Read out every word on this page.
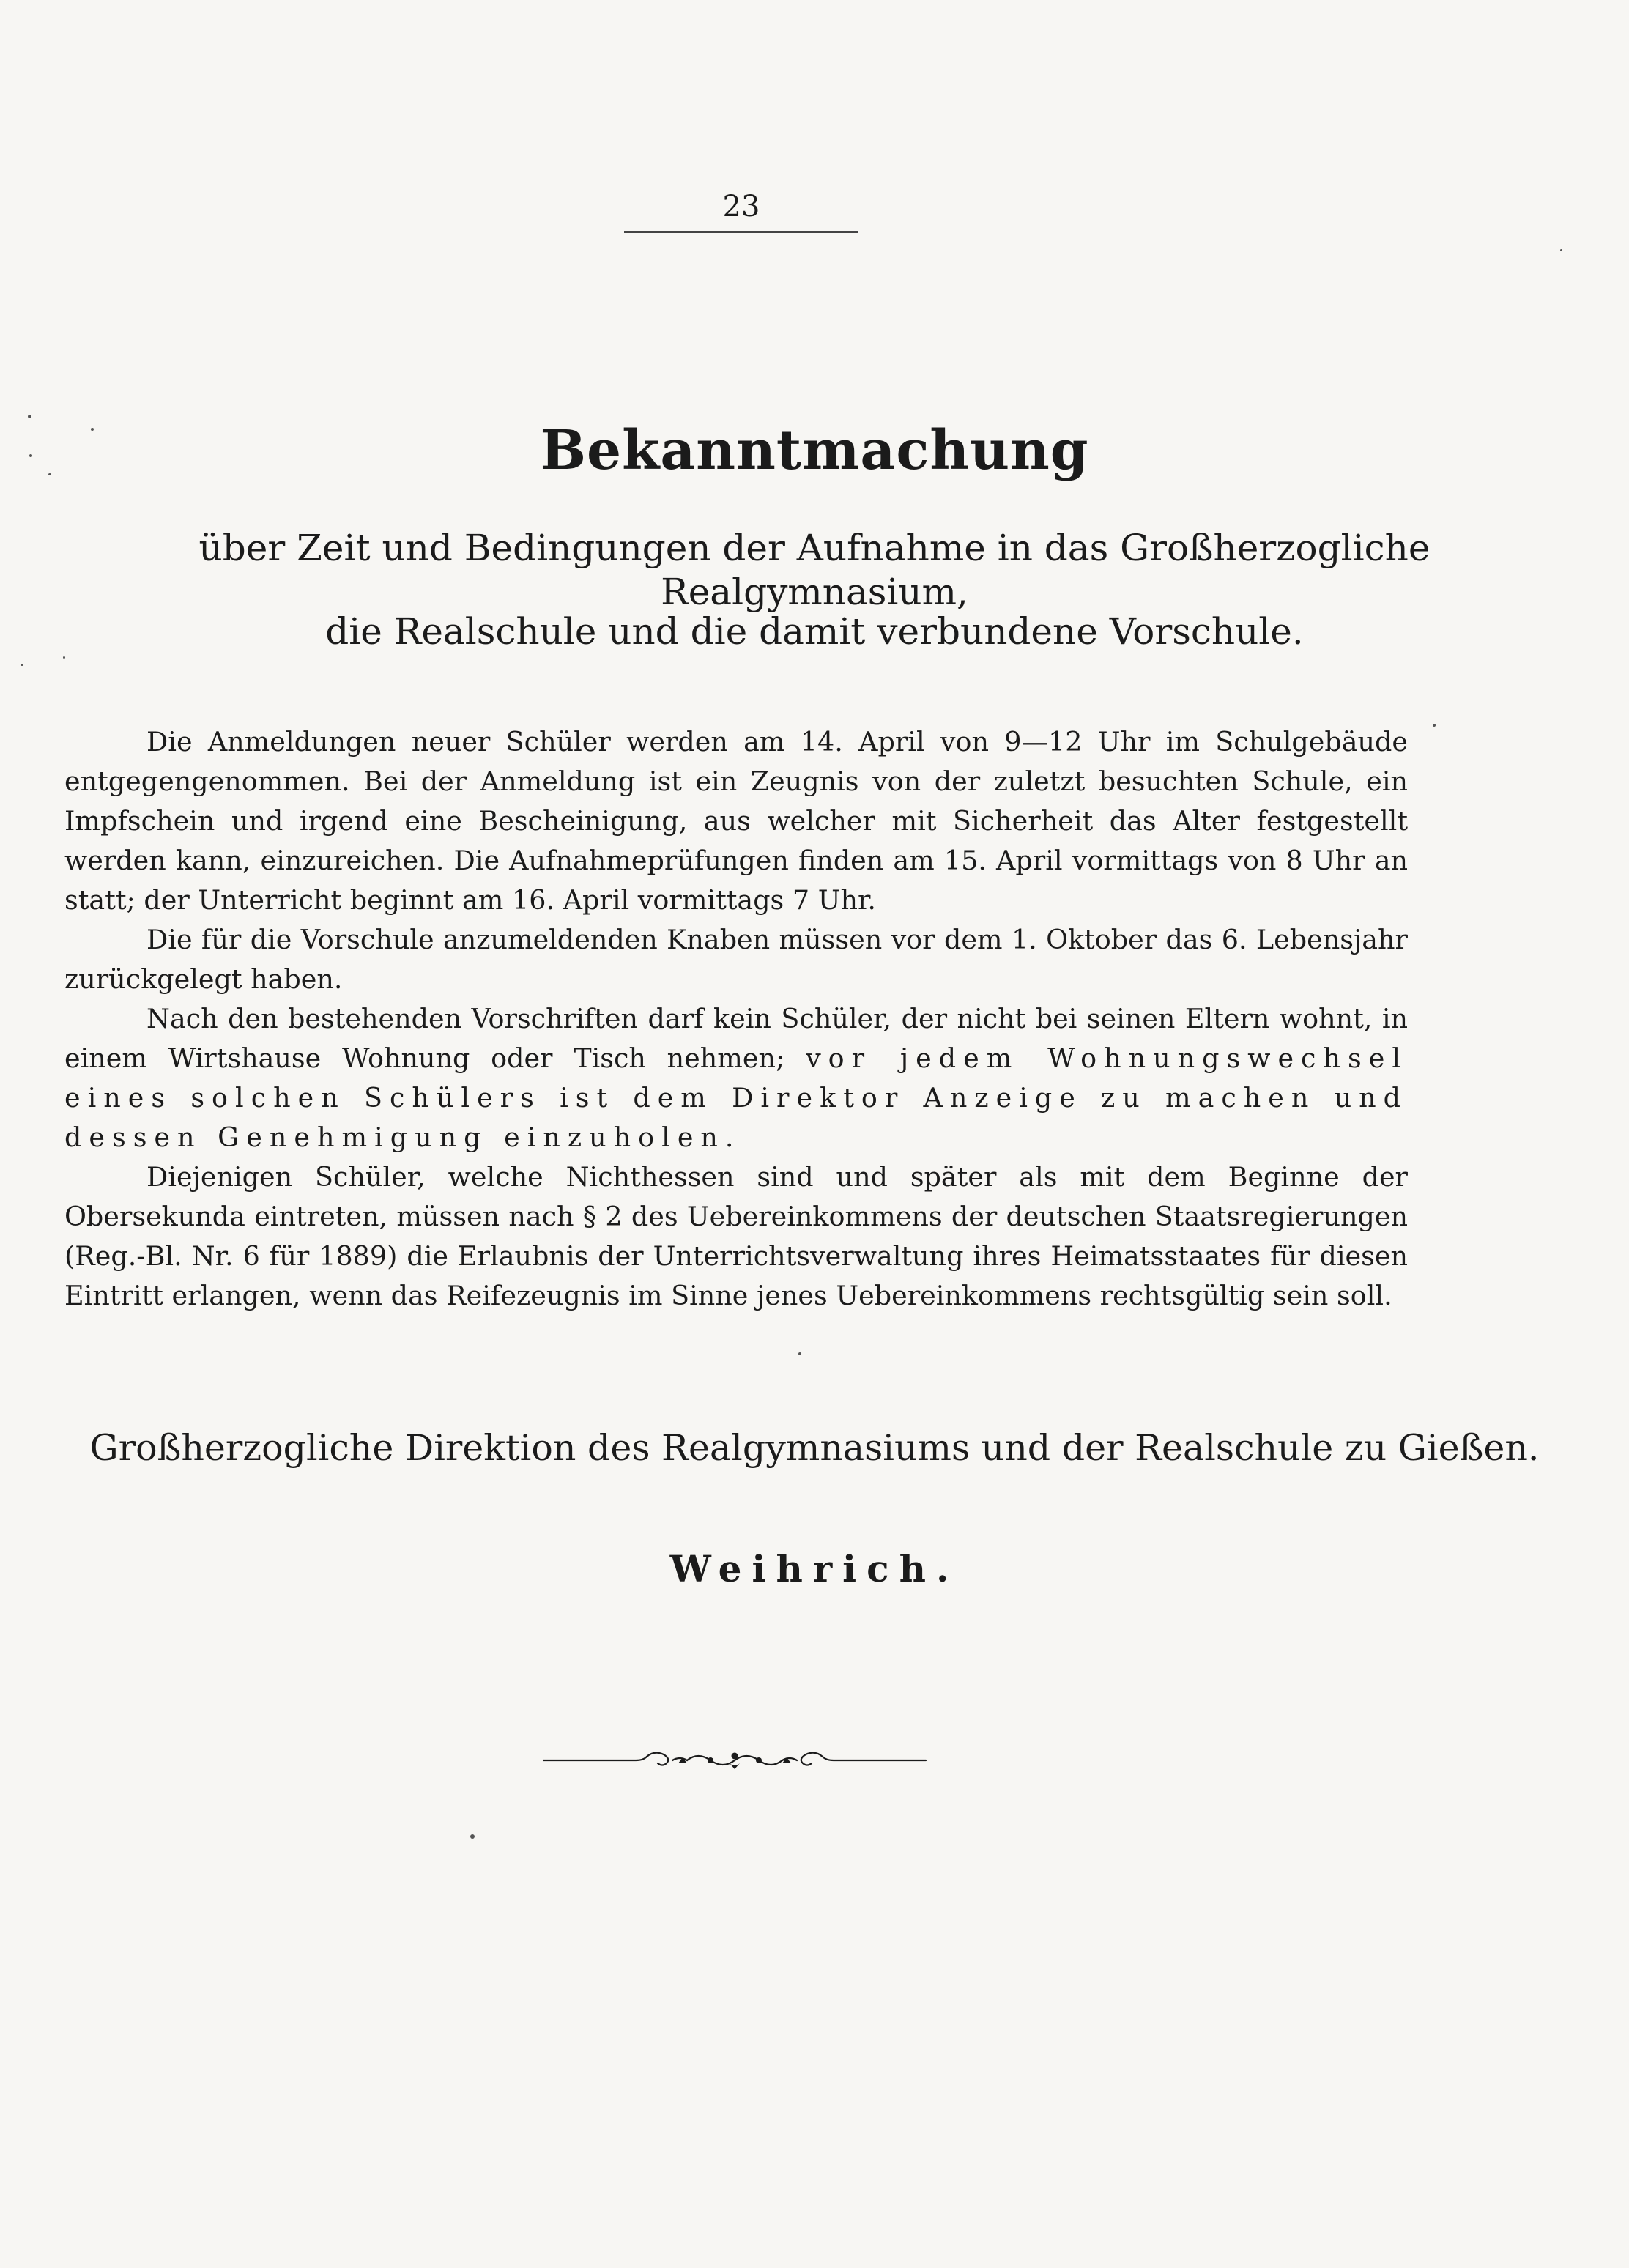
23
Bekanntmachung
über Zeit und Bedingungen der Aufnahme in das Großherzogliche Realgymnasium,
die Realschule und die damit verbundene Vorschule.

Die Anmeldungen neuer Schüler werden am 14. April von 9—12 Uhr im Schulgebäude entgegengenommen. Bei der Anmeldung ist ein Zeugnis von der zuletzt besuchten Schule, ein Impfschein und irgend eine Bescheinigung, aus welcher mit Sicherheit das Alter festgestellt werden kann, einzureichen. Die Aufnahmeprüfungen finden am 15. April vormittags von 8 Uhr an statt; der Unterricht beginnt am 16. April vormittags 7 Uhr.

Die für die Vorschule anzumeldenden Knaben müssen vor dem 1. Oktober das 6. Lebensjahr zurückgelegt haben.

Nach den bestehenden Vorschriften darf kein Schüler, der nicht bei seinen Eltern wohnt, in einem Wirtshause Wohnung oder Tisch nehmen; vor jedem Wohnungswechsel eines solchen Schülers ist dem Direktor Anzeige zu machen und dessen Genehmigung einzuholen.

Diejenigen Schüler, welche Nichthessen sind und später als mit dem Beginne der Obersekunda eintreten, müssen nach § 2 des Uebereinkommens der deutschen Staatsregierungen (Reg.-Bl. Nr. 6 für 1889) die Erlaubnis der Unterrichtsverwaltung ihres Heimatsstaates für diesen Eintritt erlangen, wenn das Reifezeugnis im Sinne jenes Uebereinkommens rechtsgültig sein soll.

Großherzogliche Direktion des Realgymnasiums und der Realschule zu Gießen.
Weihrich.
